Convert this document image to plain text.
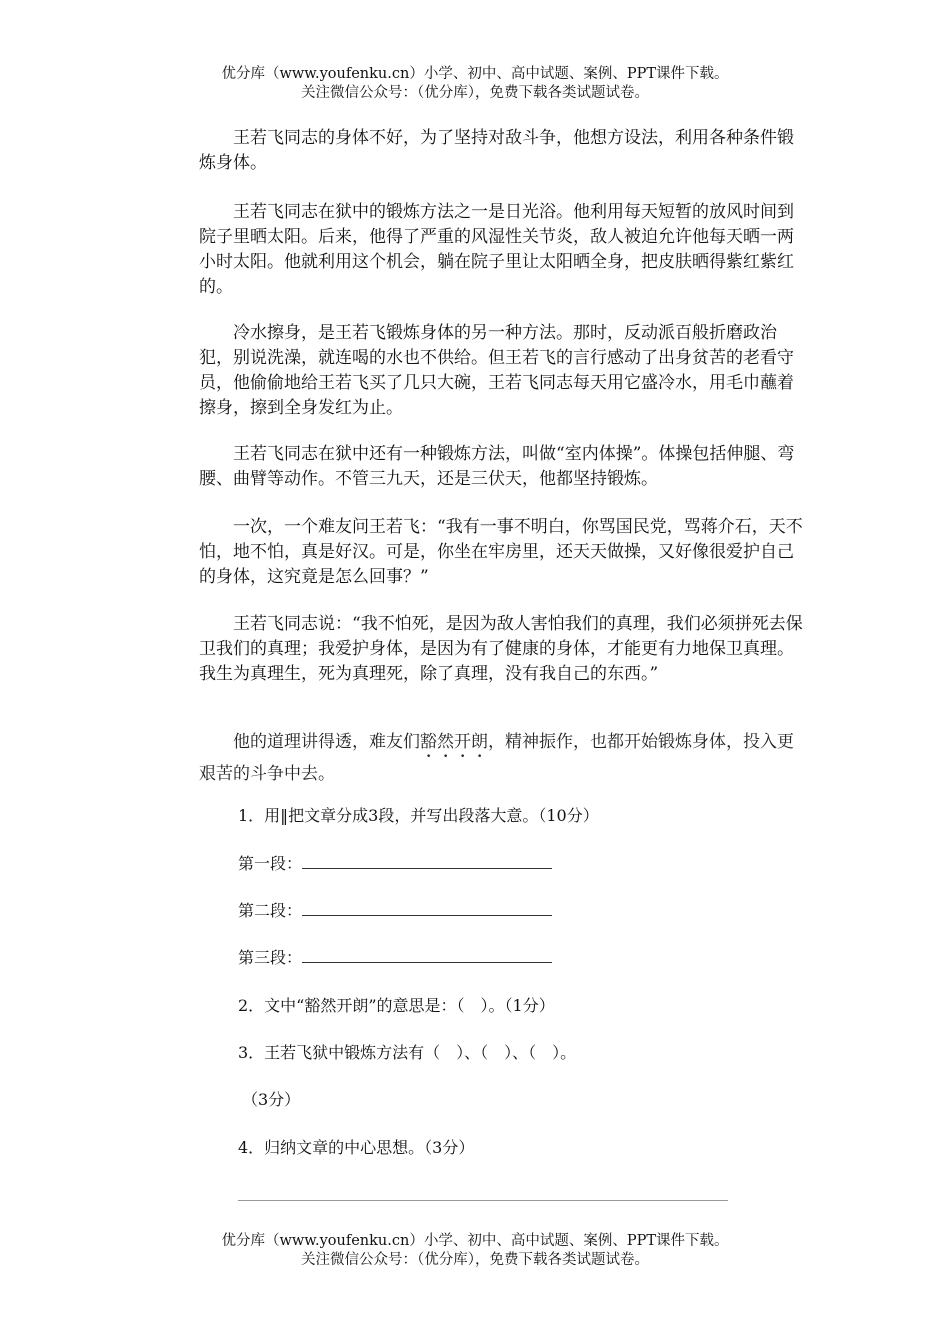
优分库（www.youfenku.cn）小学、初中、高中试题、案例、PPT课件下载。
关注微信公众号：（优分库），免费下载各类试题试卷。

王若飞同志的身体不好，为了坚持对敌斗争，他想方设法，利用各种条件锻炼身体。

王若飞同志在狱中的锻炼方法之一是日光浴。他利用每天短暂的放风时间到院子里晒太阳。后来，他得了严重的风湿性关节炎，敌人被迫允许他每天晒一两小时太阳。他就利用这个机会，躺在院子里让太阳晒全身，把皮肤晒得紫红紫红的。

冷水擦身，是王若飞锻炼身体的另一种方法。那时，反动派百般折磨政治犯，别说洗澡，就连喝的水也不供给。但王若飞的言行感动了出身贫苦的老看守员，他偷偷地给王若飞买了几只大碗，王若飞同志每天用它盛冷水，用毛巾蘸着擦身，擦到全身发红为止。

王若飞同志在狱中还有一种锻炼方法，叫做“室内体操”。体操包括伸腿、弯腰、曲臂等动作。不管三九天，还是三伏天，他都坚持锻炼。

一次，一个难友问王若飞：“我有一事不明白，你骂国民党，骂蒋介石，天不怕，地不怕，真是好汉。可是，你坐在牢房里，还天天做操，又好像很爱护自己的身体，这究竟是怎么回事？”

王若飞同志说：“我不怕死，是因为敌人害怕我们的真理，我们必须拼死去保卫我们的真理；我爱护身体，是因为有了健康的身体，才能更有力地保卫真理。我生为真理生，死为真理死，除了真理，没有我自己的东西。”

他的道理讲得透，难友们豁然开朗，精神振作，也都开始锻炼身体，投入更艰苦的斗争中去。

1．用‖把文章分成3段，并写出段落大意。（10分）
第一段：
第二段：
第三段：
2．文中“豁然开朗”的意思是：（　）。（1分）
3．王若飞狱中锻炼方法有（　）、（　）、（　）。
（3分）
4．归纳文章的中心思想。（3分）
优分库（www.youfenku.cn）小学、初中、高中试题、案例、PPT课件下载。
关注微信公众号：（优分库），免费下载各类试题试卷。
